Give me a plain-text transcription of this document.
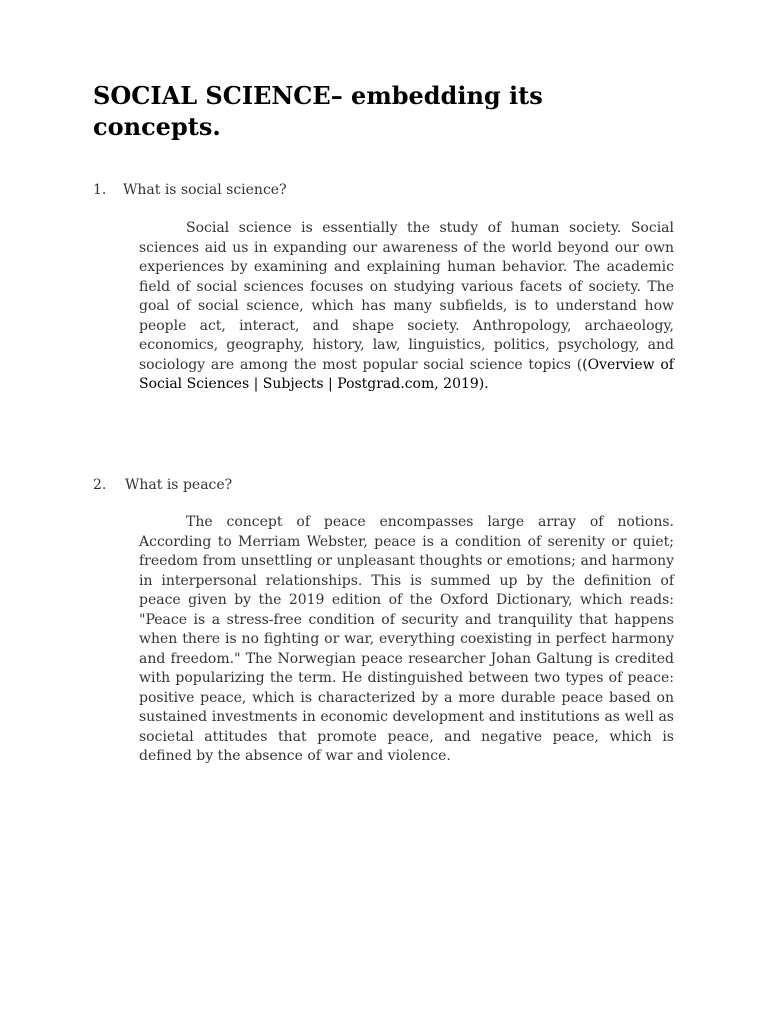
SOCIAL SCIENCE– embedding its concepts.
1. What is social science?

Social science is essentially the study of human society. Social sciences aid us in expanding our awareness of the world beyond our own experiences by examining and explaining human behavior. The academic field of social sciences focuses on studying various facets of society. The goal of social science, which has many subfields, is to understand how people act, interact, and shape society. Anthropology, archaeology, economics, geography, history, law, linguistics, politics, psychology, and sociology are among the most popular social science topics ((Overview of Social Sciences | Subjects | Postgrad.com, 2019).

2. What is peace?

The concept of peace encompasses large array of notions. According to Merriam Webster, peace is a condition of serenity or quiet; freedom from unsettling or unpleasant thoughts or emotions; and harmony in interpersonal relationships. This is summed up by the definition of peace given by the 2019 edition of the Oxford Dictionary, which reads: "Peace is a stress-free condition of security and tranquility that happens when there is no fighting or war, everything coexisting in perfect harmony and freedom." The Norwegian peace researcher Johan Galtung is credited with popularizing the term. He distinguished between two types of peace: positive peace, which is characterized by a more durable peace based on sustained investments in economic development and institutions as well as societal attitudes that promote peace, and negative peace, which is defined by the absence of war and violence.
